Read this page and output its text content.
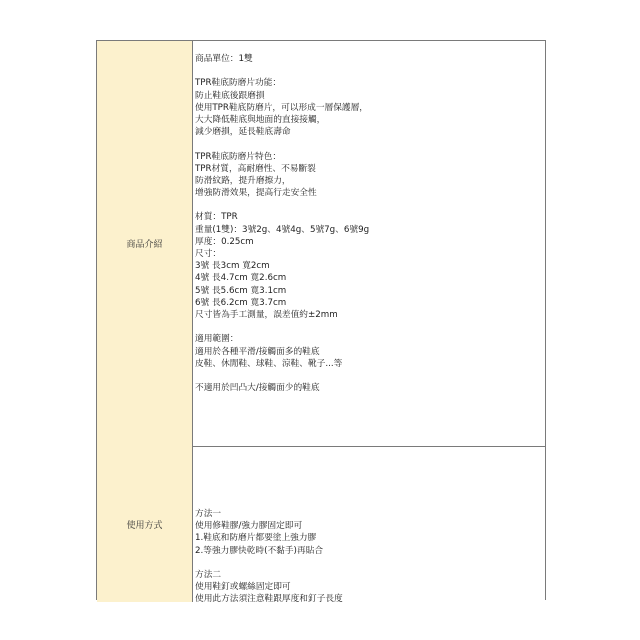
商品介紹
商品單位：1雙
TPR鞋底防磨片功能：
防止鞋底後跟磨損
使用TPR鞋底防磨片，可以形成一層保護層，
大大降低鞋底與地面的直接接觸，
減少磨損，延長鞋底壽命
TPR鞋底防磨片特色：
TPR材質，高耐磨性、不易斷裂
防滑紋路，提升磨擦力，
增強防滑效果，提高行走安全性
材質：TPR
重量(1雙)：3號2g、4號4g、5號7g、6號9g
厚度：0.25cm
尺寸：
3號 長3cm 寬2cm
4號 長4.7cm 寬2.6cm
5號 長5.6cm 寬3.1cm
6號 長6.2cm 寬3.7cm
尺寸皆為手工測量，誤差值約±2mm
適用範圍：
適用於各種平滑/接觸面多的鞋底
皮鞋、休閒鞋、球鞋、涼鞋、靴子...等
不適用於凹凸大/接觸面少的鞋底
使用方式
方法一
使用修鞋膠/強力膠固定即可
1.鞋底和防磨片都要塗上強力膠
2.等強力膠快乾時(不黏手)再貼合
方法二
使用鞋釘或螺絲固定即可
使用此方法須注意鞋跟厚度和釘子長度
